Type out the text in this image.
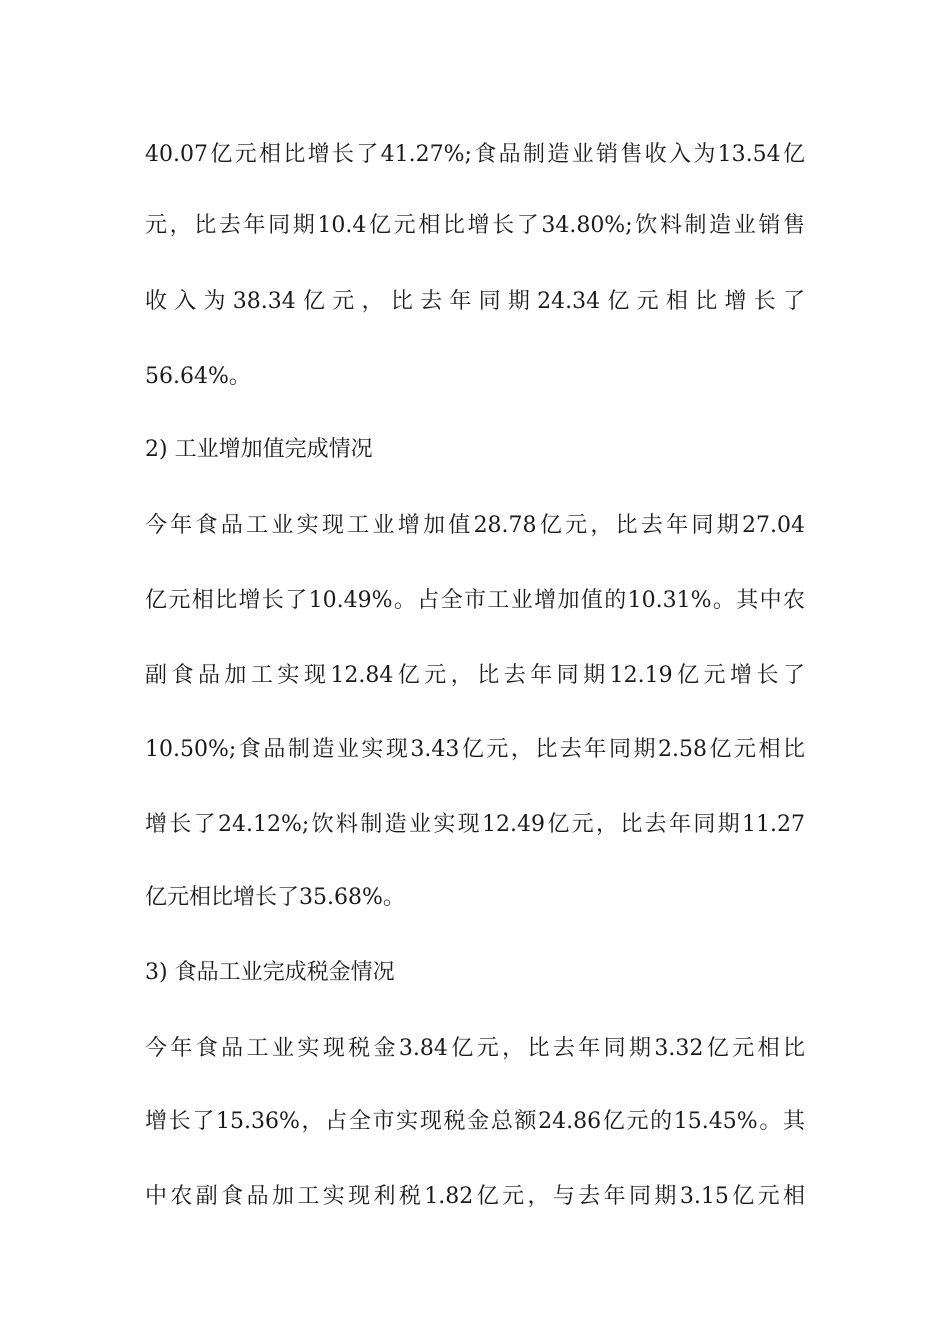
40.07亿元相比增长了41.27%;食品制造业销售收入为13.54亿
元，比去年同期10.4亿元相比增长了34.80%;饮料制造业销售
收入为38.34亿元，比去年同期24.34亿元相比增长了
56.64%。
2) 工业增加值完成情况
今年食品工业实现工业增加值28.78亿元，比去年同期27.04
亿元相比增长了10.49%。占全市工业增加值的10.31%。其中农
副食品加工实现12.84亿元，比去年同期12.19亿元增长了
10.50%;食品制造业实现3.43亿元，比去年同期2.58亿元相比
增长了24.12%;饮料制造业实现12.49亿元，比去年同期11.27
亿元相比增长了35.68%。
3) 食品工业完成税金情况
今年食品工业实现税金3.84亿元，比去年同期3.32亿元相比
增长了15.36%，占全市实现税金总额24.86亿元的15.45%。其
中农副食品加工实现利税1.82亿元，与去年同期3.15亿元相
